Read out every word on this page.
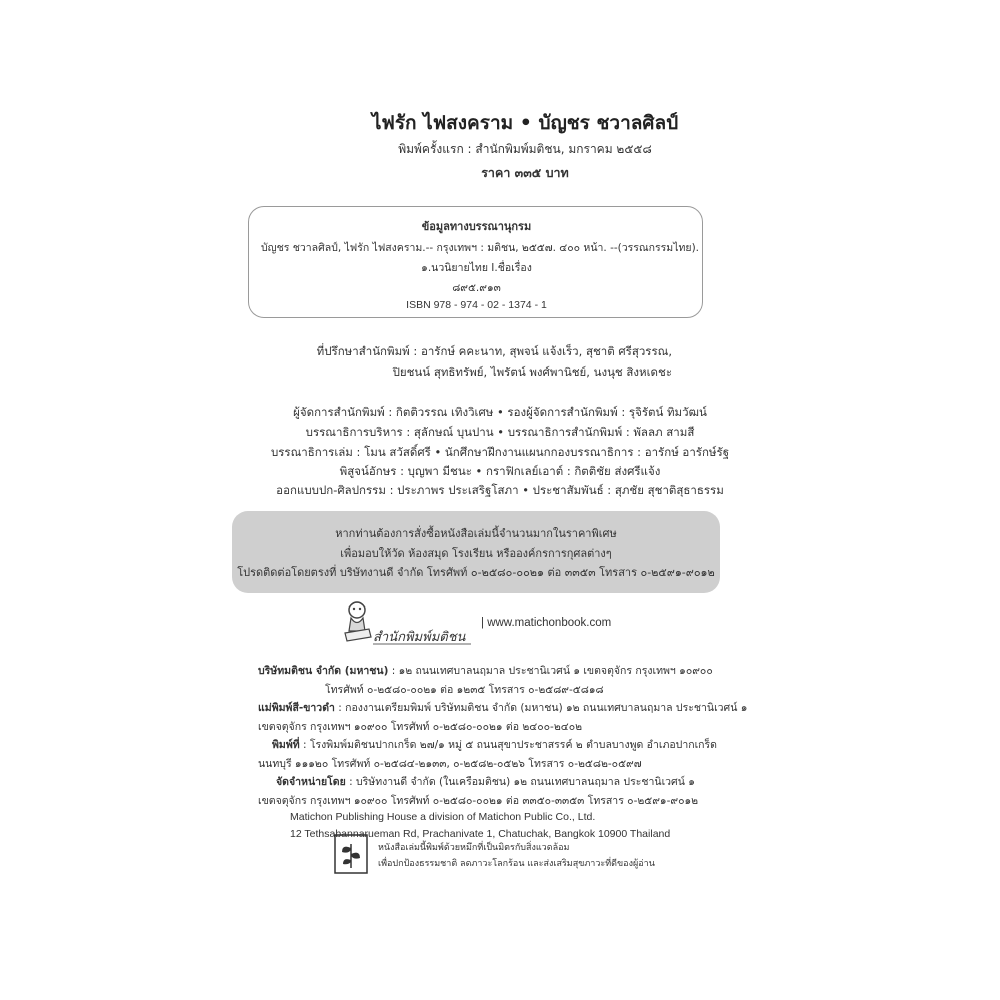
ไฟรัก ไฟสงคราม • บัญชร ชวาลศิลป์
พิมพ์ครั้งแรก : สำนักพิมพ์มติชน, มกราคม ๒๕๕๘
ราคา ๓๓๕ บาท
ข้อมูลทางบรรณานุกรม
บัญชร ชวาลศิลป์, ไฟรัก ไฟสงคราม.-- กรุงเทพฯ : มติชน, ๒๕๕๗. ๔๐๐ หน้า. --(วรรณกรรมไทย).
๑.นวนิยายไทย I.ชื่อเรื่อง
๘๙๕.๙๑๓
ISBN 978 - 974 - 02 - 1374 - 1
ที่ปรึกษาสำนักพิมพ์ : อารักษ์ คคะนาท, สุพจน์ แจ้งเร็ว, สุชาติ ศรีสุวรรณ,
ปิยชนน์ สุทธิทรัพย์, ไพรัตน์ พงศ์พานิชย์, นงนุช สิงหเดชะ
ผู้จัดการสำนักพิมพ์ : กิตติวรรณ เทิงวิเศษ • รองผู้จัดการสำนักพิมพ์ : รุจิรัตน์ ทิมวัฒน์
บรรณาธิการบริหาร : สุลักษณ์ บุนปาน • บรรณาธิการสำนักพิมพ์ : พัลลภ สามสี
บรรณาธิการเล่ม : โมน สวัสดิ์ศรี • นักศึกษาฝึกงานแผนกกองบรรณาธิการ : อารักษ์ อารักษ์รัฐ
พิสูจน์อักษร : บุญพา มีชนะ • กราฟิกเลย์เอาต์ : กิตติชัย ส่งศรีแจ้ง
ออกแบบปก-ศิลปกรรม : ประภาพร ประเสริฐโสภา • ประชาสัมพันธ์ : สุภชัย สุชาติสุธาธรรม
หากท่านต้องการสั่งซื้อหนังสือเล่มนี้จำนวนมากในราคาพิเศษ
เพื่อมอบให้วัด ห้องสมุด โรงเรียน หรือองค์กรการกุศลต่างๆ
โปรดติดต่อโดยตรงที่ บริษัทงานดี จำกัด โทรศัพท์ ๐-๒๕๘๐-๐๐๒๑ ต่อ ๓๓๕๓ โทรสาร ๐-๒๕๙๑-๙๐๑๒
สำนักพิมพ์มติชน
| www.matichonbook.com
บริษัทมติชน จำกัด (มหาชน) : ๑๒ ถนนเทศบาลนฤมาล ประชานิเวศน์ ๑ เขตจตุจักร กรุงเทพฯ ๑๐๙๐๐
โทรศัพท์ ๐-๒๕๘๐-๐๐๒๑ ต่อ ๑๒๓๕ โทรสาร ๐-๒๕๘๙-๕๘๑๘
แม่พิมพ์สี-ขาวดำ : กองงานเตรียมพิมพ์ บริษัทมติชน จำกัด (มหาชน) ๑๒ ถนนเทศบาลนฤมาล ประชานิเวศน์ ๑
เขตจตุจักร กรุงเทพฯ ๑๐๙๐๐ โทรศัพท์ ๐-๒๕๘๐-๐๐๒๑ ต่อ ๒๔๐๐-๒๔๐๒
พิมพ์ที่ : โรงพิมพ์มติชนปากเกร็ด ๒๗/๑ หมู่ ๕ ถนนสุขาประชาสรรค์ ๒ ตำบลบางพูด อำเภอปากเกร็ด
นนทบุรี ๑๑๑๒๐ โทรศัพท์ ๐-๒๕๘๔-๒๑๓๓, ๐-๒๕๘๒-๐๕๒๖ โทรสาร ๐-๒๕๘๒-๐๕๙๗
จัดจำหน่ายโดย : บริษัทงานดี จำกัด (ในเครือมติชน) ๑๒ ถนนเทศบาลนฤมาล ประชานิเวศน์ ๑
เขตจตุจักร กรุงเทพฯ ๑๐๙๐๐ โทรศัพท์ ๐-๒๕๘๐-๐๐๒๑ ต่อ ๓๓๕๐-๓๓๕๓ โทรสาร ๐-๒๕๙๑-๙๐๑๒
Matichon Publishing House a division of Matichon Public Co., Ltd.
12 Tethsabannarueman Rd, Prachanivate 1, Chatuchak, Bangkok 10900 Thailand
หนังสือเล่มนี้พิมพ์ด้วยหมึกที่เป็นมิตรกับสิ่งแวดล้อม
เพื่อปกป้องธรรมชาติ ลดภาวะโลกร้อน และส่งเสริมสุขภาวะที่ดีของผู้อ่าน
